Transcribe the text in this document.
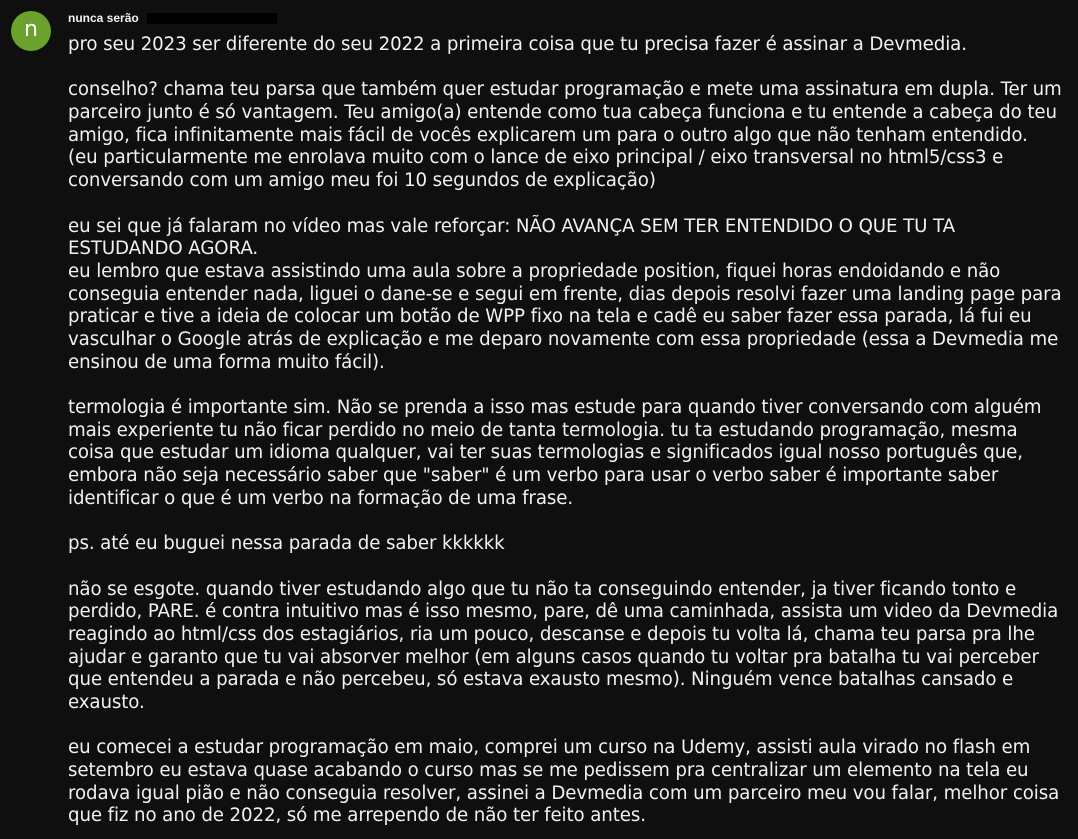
n	nunca serão
pro seu 2023 ser diferente do seu 2022 a primeira coisa que tu precisa fazer é assinar a Devmedia.
conselho? chama teu parsa que também quer estudar programação e mete uma assinatura em dupla. Ter um
parceiro junto é só vantagem. Teu amigo(a) entende como tua cabeça funciona e tu entende a cabeça do teu
amigo, fica infinitamente mais fácil de vocês explicarem um para o outro algo que não tenham entendido.
(eu particularmente me enrolava muito com o lance de eixo principal / eixo transversal no html5/css3 e
conversando com um amigo meu foi 10 segundos de explicação)
eu sei que já falaram no vídeo mas vale reforçar: NÃO AVANÇA SEM TER ENTENDIDO O QUE TU TA
ESTUDANDO AGORA.
eu lembro que estava assistindo uma aula sobre a propriedade position, fiquei horas endoidando e não
conseguia entender nada, liguei o dane-se e segui em frente, dias depois resolvi fazer uma landing page para
praticar e tive a ideia de colocar um botão de WPP fixo na tela e cadê eu saber fazer essa parada, lá fui eu
vasculhar o Google atrás de explicação e me deparo novamente com essa propriedade (essa a Devmedia me
ensinou de uma forma muito fácil).
termologia é importante sim. Não se prenda a isso mas estude para quando tiver conversando com alguém
mais experiente tu não ficar perdido no meio de tanta termologia. tu ta estudando programação, mesma
coisa que estudar um idioma qualquer, vai ter suas termologias e significados igual nosso português que,
embora não seja necessário saber que "saber" é um verbo para usar o verbo saber é importante saber
identificar o que é um verbo na formação de uma frase.
ps. até eu buguei nessa parada de saber kkkkkk
não se esgote. quando tiver estudando algo que tu não ta conseguindo entender, ja tiver ficando tonto e
perdido, PARE. é contra intuitivo mas é isso mesmo, pare, dê uma caminhada, assista um video da Devmedia
reagindo ao html/css dos estagiários, ria um pouco, descanse e depois tu volta lá, chama teu parsa pra lhe
ajudar e garanto que tu vai absorver melhor (em alguns casos quando tu voltar pra batalha tu vai perceber
que entendeu a parada e não percebeu, só estava exausto mesmo). Ninguém vence batalhas cansado e
exausto.
eu comecei a estudar programação em maio, comprei um curso na Udemy, assisti aula virado no flash em
setembro eu estava quase acabando o curso mas se me pedissem pra centralizar um elemento na tela eu
rodava igual pião e não conseguia resolver, assinei a Devmedia com um parceiro meu vou falar, melhor coisa
que fiz no ano de 2022, só me arrependo de não ter feito antes.
